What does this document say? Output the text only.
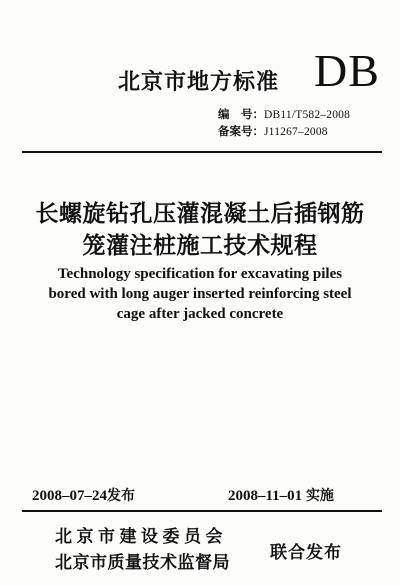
北京市地方标准 DB
编　号：DB11/T582–2008
备案号：J11267–2008
长螺旋钻孔压灌混凝土后插钢筋
笼灌注桩施工技术规程
Technology specification for excavating piles
bored with long auger inserted reinforcing steel
cage after jacked concrete
2008–07–24发布	2008–11–01 实施
北京市建设委员会
北京市质量技术监督局	联合发布
